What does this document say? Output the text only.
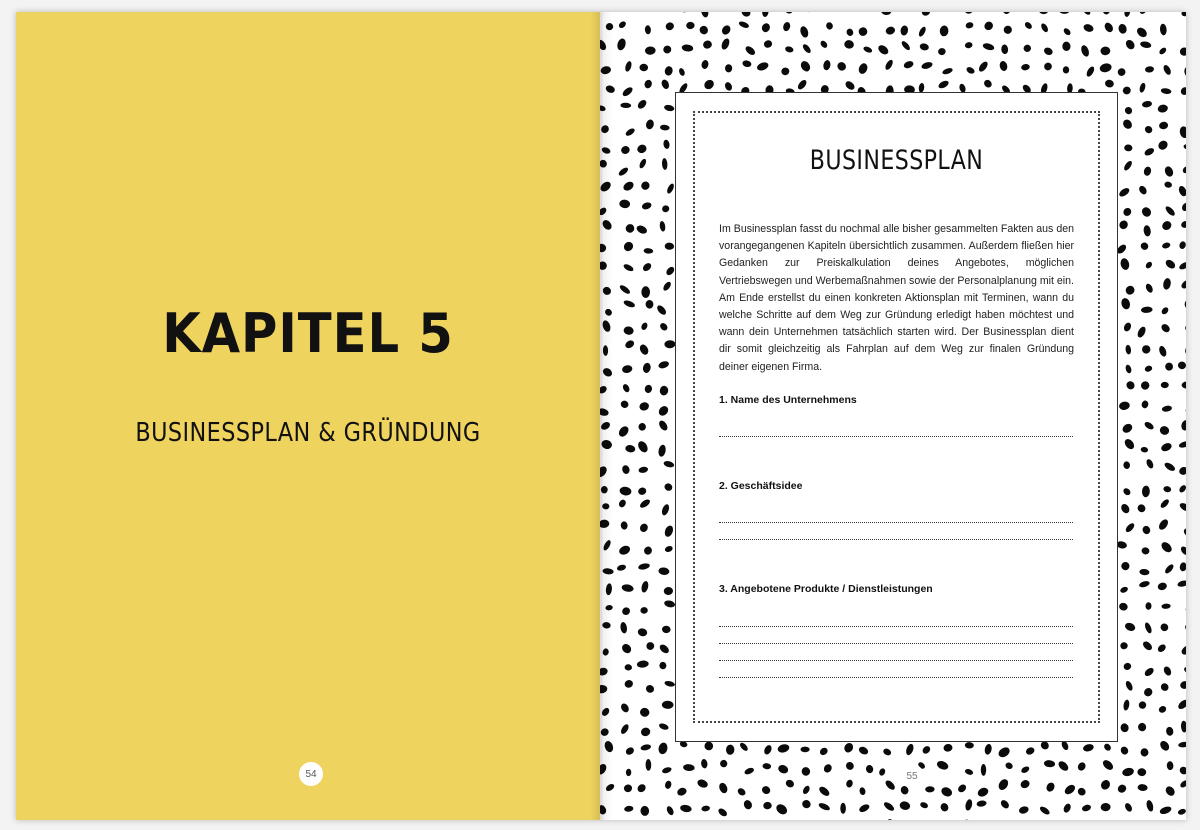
KAPITEL 5
BUSINESSPLAN & GRÜNDUNG
54
BUSINESSPLAN
Im Businessplan fasst du nochmal alle bisher gesammelten Fakten aus den vorangegangenen Kapiteln übersichtlich zusammen. Außerdem fließen hier Gedanken zur Preiskalkulation deines Angebotes, möglichen Vertriebswegen und Werbemaßnahmen sowie der Personalplanung mit ein. Am Ende erstellst du einen konkreten Aktionsplan mit Terminen, wann du welche Schritte auf dem Weg zur Gründung erledigt haben möchtest und wann dein Unternehmen tatsächlich starten wird. Der Businessplan dient dir somit gleichzeitig als Fahrplan auf dem Weg zur finalen Gründung deiner eigenen Firma.
1. Name des Unternehmens
2. Geschäftsidee
3. Angebotene Produkte / Dienstleistungen
55
